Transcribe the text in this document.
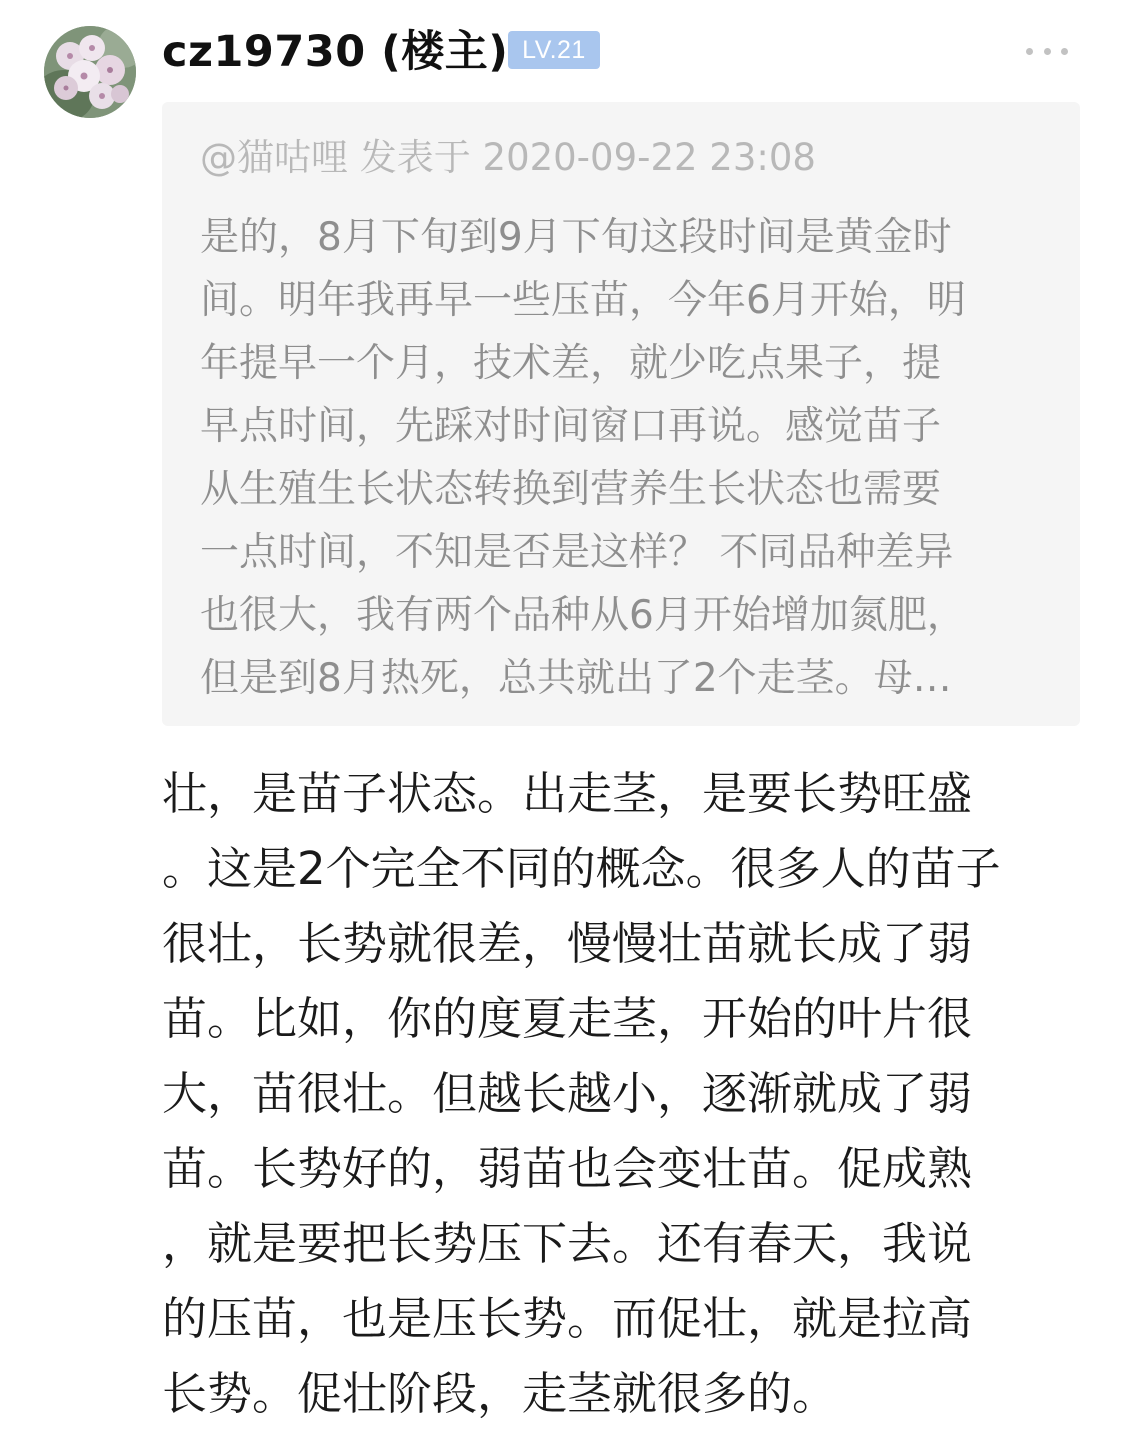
cz19730 (楼主) LV.21
@猫咕哩 发表于 2020-09-22 23:08
是的，8月下旬到9月下旬这段时间是黄金时
间。明年我再早一些压苗，今年6月开始，明
年提早一个月，技术差，就少吃点果子，提
早点时间，先踩对时间窗口再说。感觉苗子
从生殖生长状态转换到营养生长状态也需要
一点时间，不知是否是这样？ 不同品种差异
也很大，我有两个品种从6月开始增加氮肥，
但是到8月热死，总共就出了2个走茎。母…
壮，是苗子状态。出走茎，是要长势旺盛
。这是2个完全不同的概念。很多人的苗子
很壮，长势就很差，慢慢壮苗就长成了弱
苗。比如，你的度夏走茎，开始的叶片很
大，苗很壮。但越长越小，逐渐就成了弱
苗。长势好的，弱苗也会变壮苗。促成熟
，就是要把长势压下去。还有春天，我说
的压苗，也是压长势。而促壮，就是拉高
长势。促壮阶段，走茎就很多的。
